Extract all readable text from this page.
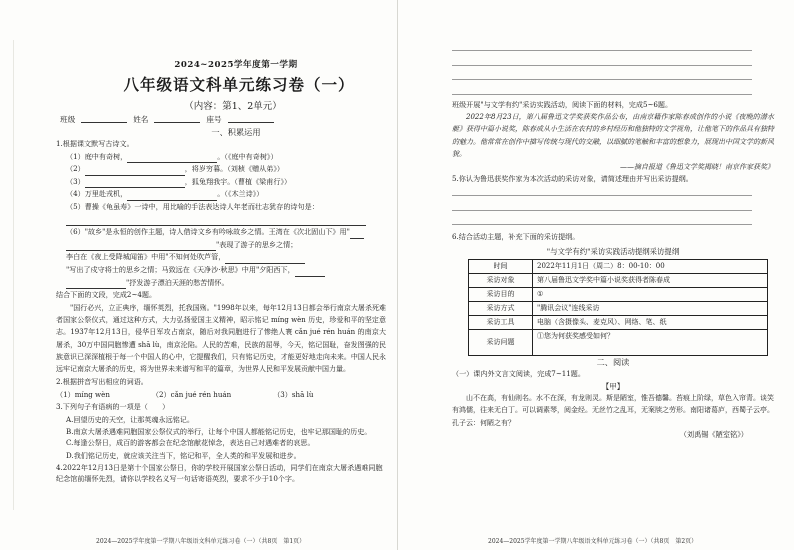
2024~2025学年度第一学期
八年级语文科单元练习卷（一）
（内容：第1、2单元）
班级	姓名	座号
一、积累运用
1.根据课文默写古诗文。
（1）庭中有奇树，	。（《庭中有奇树》）
（2）	，将岁穷暮。（刘桢《赠从弟》）
（3）	，狐兔翔我宇。（曹植《梁甫行》）
（4）万里赴戎机，	。（《木兰诗》）
（5）曹操《龟虽寿》一诗中，用比喻的手法表达诗人年老而壮志犹存的诗句是：
（6）"故乡"是永恒的创作主题，诗人借诗文乡有吟咏故乡之情。王湾在《次北固山下》用"
"表现了游子的思乡之情；
李白在《夜上受降城闻笛》中用"不知何处吹芦管，
"写出了戍守将士的思乡之情；马致远在《天净沙·秋思》中用"夕阳西下，
"抒发游子漂泊天涯的愁苦情怀。
结合下面的文段，完成2~4题。
"国行必兴，立正典序，缅怀英烈，托我国殇。"1998年以来，每年12月13日都会举行南京大屠杀死难者国家公祭仪式，通过这种方式，大力弘扬爱国主义精神，昭示铭记 míng wèn 历史，珍爱和平的坚定意志。1937年12月13日，侵华日军攻占南京，随后对我同胞进行了惨绝人寰 cǎn jué rén huán 的南京大屠杀，30万中国同胞惨遭 shā lù，南京沦陷。人民的苦难，民族的屈辱，今天，铭记国耻，奋发图强的民族意识已深深植根于每一个中国人的心中，它提醒我们，只有铭记历史，才能更好地走向未来。中国人民永远牢记南京大屠杀的历史，将为世界未来谱写和平的篇章，为世界人民和平发展贡献中国力量。
2.根据拼音写出相应的词语。
（1）míng wèn	（2）cǎn jué rén huán	（3）shā lù
3.下列句子有语病的一项是（　　）
A.回望历史的天空，让那英魂永远铭记。
B.南京大屠杀遇难同胞国家公祭仪式的举行，让每个中国人都能铭记历史，也牢记那国耻的历史。
C.每逢公祭日，成百的游客都会在纪念馆献花悼念，表达自己对遇难者的哀思。
D.我们铭记历史，就应该关注当下，铭记和平，全人类的和平发展和进步。
4.2022年12月13日是第十个国家公祭日，你的学校开展国家公祭日活动，同学们在南京大屠杀遇难同胞纪念馆前缅怀先烈，请你以学校名义写一句话寄语英烈，要求不少于10个字。
2024—2025学年度第一学期八年级语文科单元练习卷（一）（共8页　第1页）
班级开展"与文学有约"采访实践活动，阅读下面的材料，完成5~6题。
2022年8月23日，第八届鲁迅文学奖获奖作品公布，由南京籍作家陈春成创作的小说《夜晚的潜水艇》获得中篇小说奖，陈春成从小生活在农村的乡村经历和他独特的文学视角，让他笔下的作品具有独特的魅力。他常常在创作中描写传统与现代的交融，以细腻的笔触和丰富的想象力，展现出中国文学的新风貌。
——摘自报道《鲁迅文学奖揭晓！南京作家获奖》
5.你认为鲁迅获奖作家为本次活动的采访对象，请简述理由并写出采访提纲。
6.结合活动主题，补充下面的采访提纲。
"与文学有约"采访实践活动提纲采访提纲
时间	2022年11月1日（周二）8：00-10：00
采访对象	第八届鲁迅文学奖中篇小说奖获得者陈春成
采访目的	①
采访方式	"腾讯会议"连线采访
采访工具	电脑（含摄像头、麦克风）、网络、笔、纸
采访问题	①您为何获奖感受如何？
二、阅读
（一）课内外文言文阅读，完成7~11题。
【甲】
山不在高，有仙则名。水不在深，有龙则灵。斯是陋室，惟吾德馨。苔痕上阶绿，草色入帘青。谈笑有鸿儒，往来无白丁。可以调素琴，阅金经。无丝竹之乱耳，无案牍之劳形。南阳诸葛庐，西蜀子云亭。孔子云：何陋之有？
（刘禹锡《陋室铭》）
2024—2025学年度第一学期八年级语文科单元练习卷（一）（共8页　第2页）
